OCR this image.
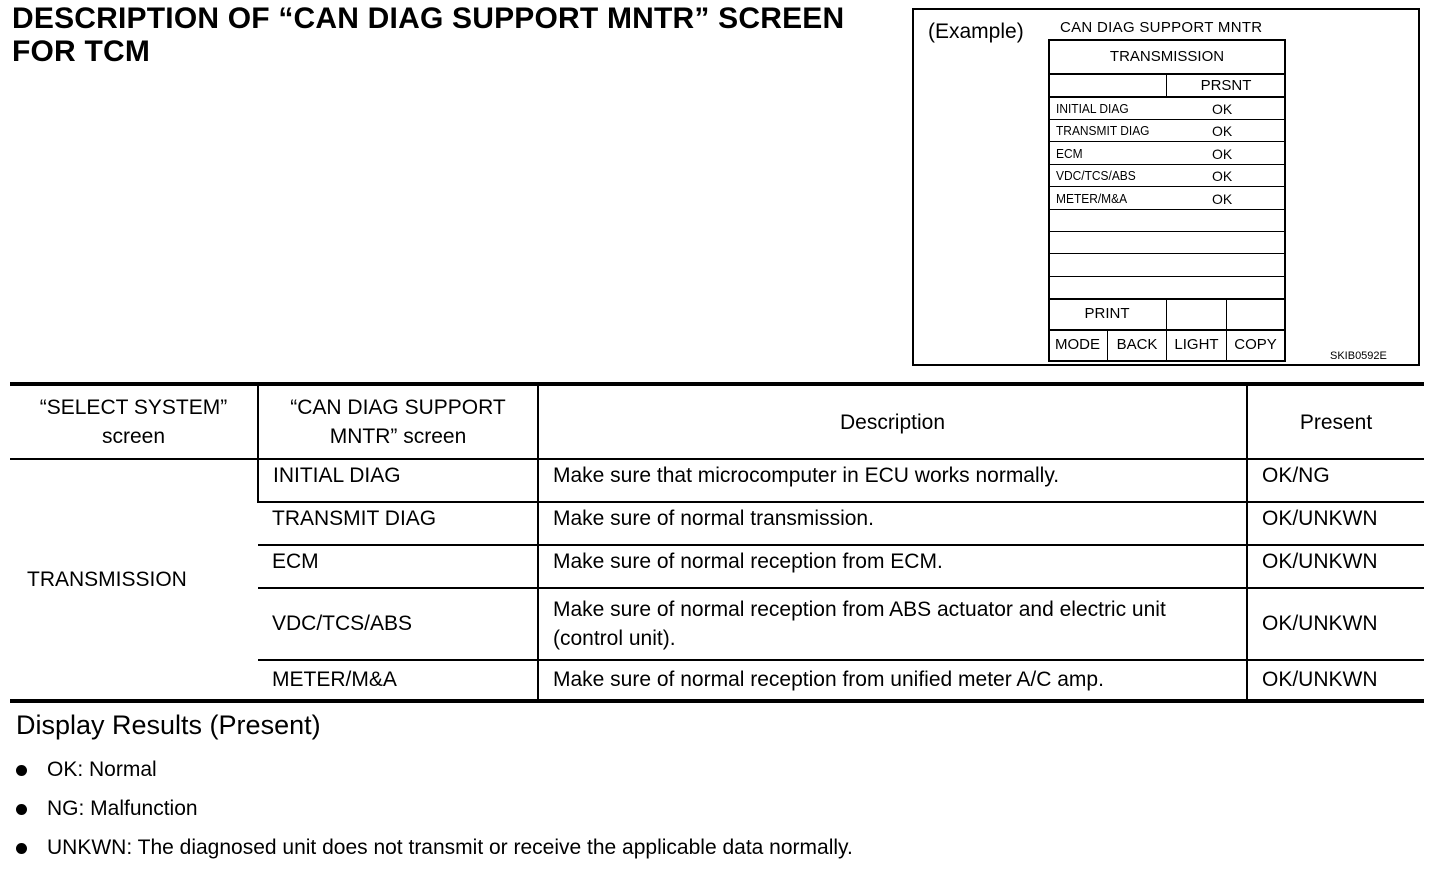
DESCRIPTION OF “CAN DIAG SUPPORT MNTR” SCREEN FOR TCM
(Example) CAN DIAG SUPPORT MNTR
TRANSMISSION
PRSNT
INITIAL DIAG	OK
TRANSMIT DIAG	OK
ECM	OK
VDC/TCS/ABS	OK
METER/M&A	OK
PRINT
MODE	BACK	LIGHT	COPY
SKIB0592E
“SELECT SYSTEM” screen	“CAN DIAG SUPPORT MNTR” screen	Description	Present
TRANSMISSION	INITIAL DIAG	Make sure that microcomputer in ECU works normally.	OK/NG
	TRANSMIT DIAG	Make sure of normal transmission.	OK/UNKWN
	ECM	Make sure of normal reception from ECM.	OK/UNKWN
	VDC/TCS/ABS	Make sure of normal reception from ABS actuator and electric unit (control unit).	OK/UNKWN
	METER/M&A	Make sure of normal reception from unified meter A/C amp.	OK/UNKWN
Display Results (Present)
OK: Normal
NG: Malfunction
UNKWN: The diagnosed unit does not transmit or receive the applicable data normally.
